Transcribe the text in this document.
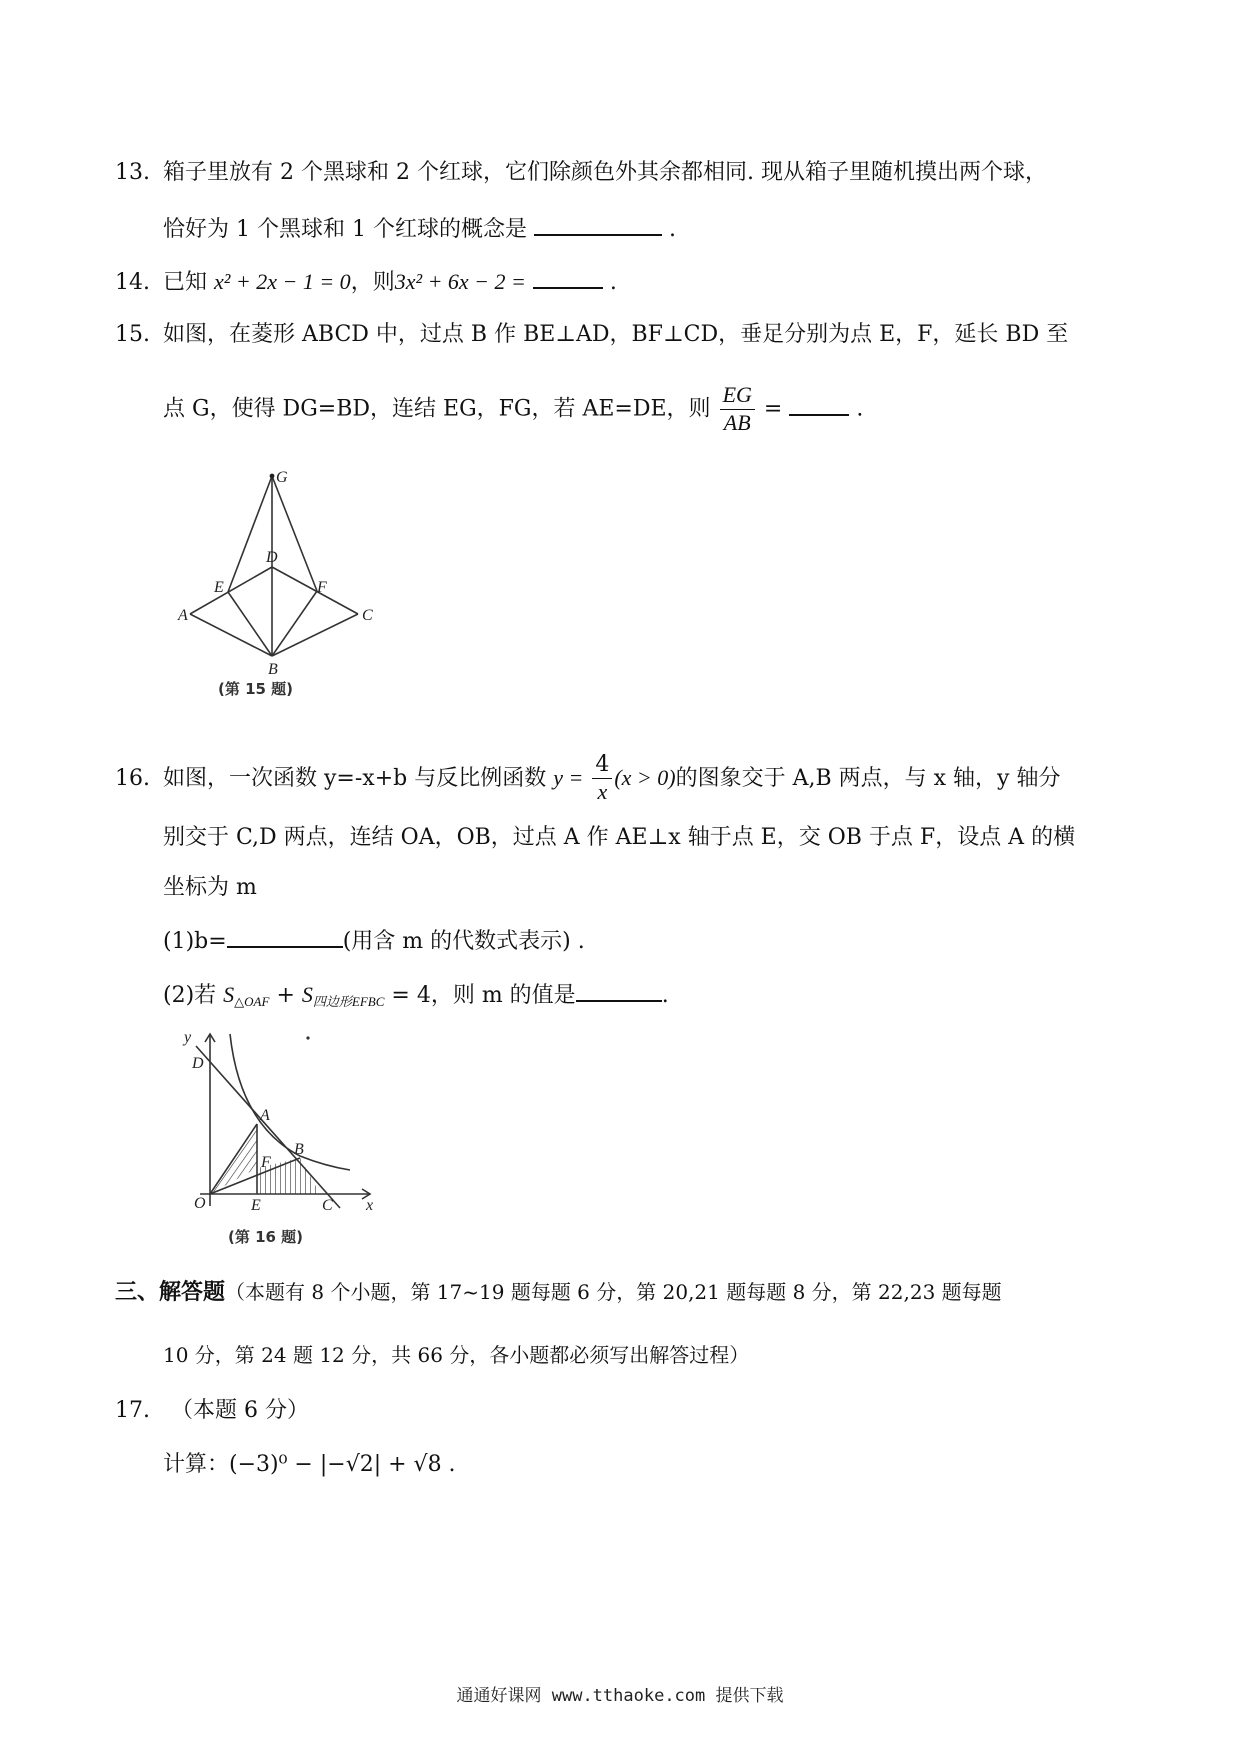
13. 箱子里放有 2 个黑球和 2 个红球，它们除颜色外其余都相同. 现从箱子里随机摸出两个球，
恰好为 1 个黑球和 1 个红球的概念是	.
14. 已知 x² + 2x − 1 = 0，则3x² + 6x − 2 =	.
15. 如图，在菱形 ABCD 中，过点 B 作 BE⊥AD，BF⊥CD，垂足分别为点 E，F，延长 BD 至
点 G，使得 DG=BD，连结 EG，FG，若 AE=DE，则 $\frac{EG}{AB}$ =	.
G
D
E	F
A	C
B
(第 15 题)
16. 如图，一次函数 y=-x+b 与反比例函数 $y = \frac{4}{x} (x > 0)$的图象交于 A,B 两点，与 x 轴，y 轴分
别交于 C,D 两点，连结 OA，OB，过点 A 作 AE⊥x 轴于点 E，交 OB 于点 F，设点 A 的横
坐标为 m
(1)b=	(用含 m 的代数式表示) .
(2)若 $S_{\triangle OAF} + S_{四边形EFBC} = 4$，则 m 的值是	.
y
D
A
B
F
O	E	C x
(第 16 题)
三、解答题（本题有 8 个小题，第 17~19 题每题 6 分，第 20,21 题每题 8 分，第 22,23 题每题
10 分，第 24 题 12 分，共 66 分，各小题都必须写出解答过程）
17. （本题 6 分）
计算：(−3)⁰ − |−√2| + √8 .
通通好课网 www.tthaoke.com 提供下载
